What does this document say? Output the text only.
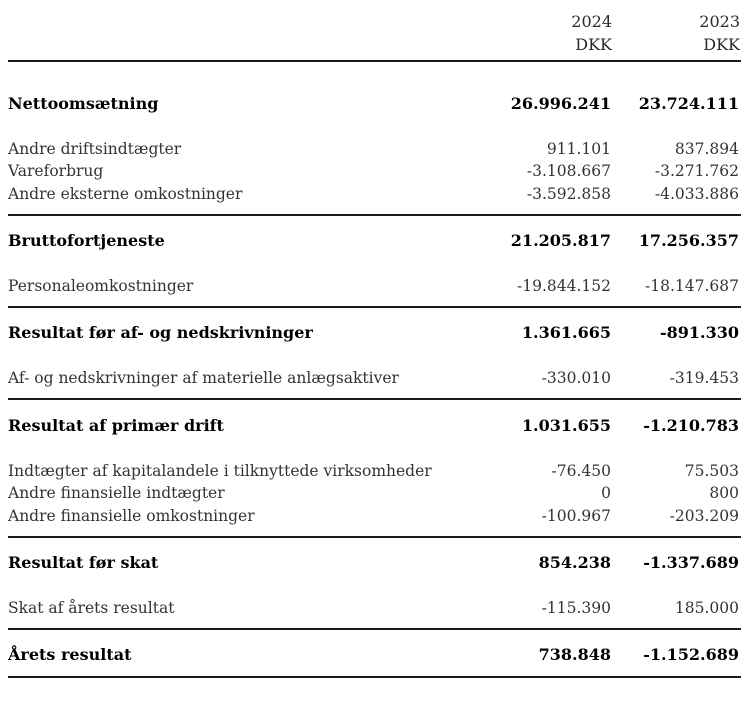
2024
DKK
2023
DKK
Nettoomsætning	26.996.241 23.724.111
Andre driftsindtægter	911.101	837.894
Vareforbrug	-3.108.667	-3.271.762
Andre eksterne omkostninger	-3.592.858	-4.033.886
Bruttofortjeneste	21.205.817 17.256.357
Personaleomkostninger	-19.844.152 -18.147.687
Resultat før af- og nedskrivninger	1.361.665	-891.330
Af- og nedskrivninger af materielle anlægsaktiver	-330.010	-319.453
Resultat af primær drift	1.031.655 -1.210.783
Indtægter af kapitalandele i tilknyttede virksomheder	-76.450	75.503
Andre finansielle indtægter	0	800
Andre finansielle omkostninger	-100.967	-203.209
Resultat før skat	854.238 -1.337.689
Skat af årets resultat	-115.390	185.000
Årets resultat	738.848 -1.152.689
